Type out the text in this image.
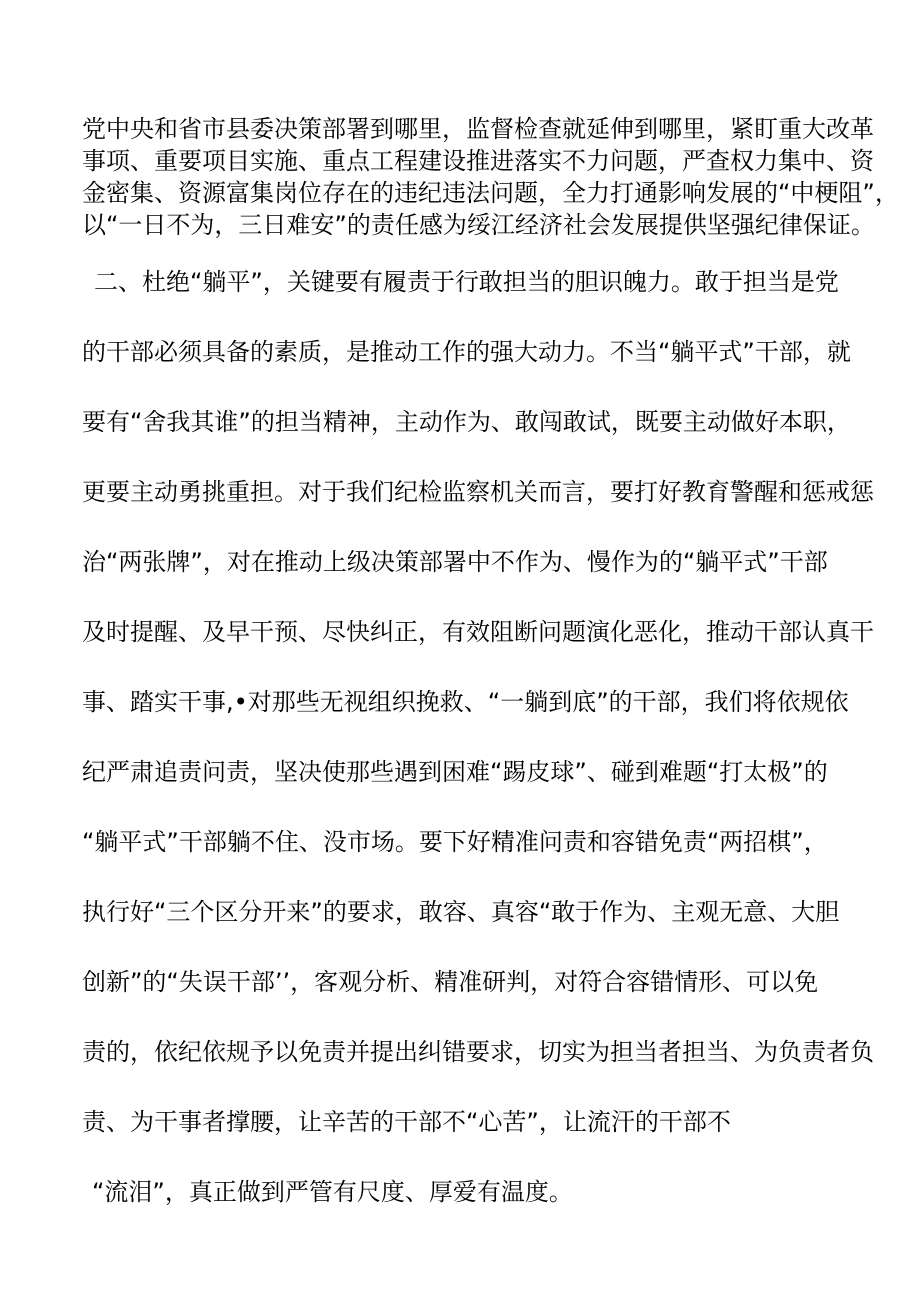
党中央和省市县委决策部署到哪里，监督检查就延伸到哪里，紧盯重大改革
事项、重要项目实施、重点工程建设推进落实不力问题，严查权力集中、资
金密集、资源富集岗位存在的违纪违法问题，全力打通影响发展的“中梗阻”，
以“一日不为，三日难安”的责任感为绥江经济社会发展提供坚强纪律保证。
二、杜绝“躺平”，关键要有履责于行敢担当的胆识魄力。敢于担当是党
的干部必须具备的素质，是推动工作的强大动力。不当“躺平式”干部，就
要有“舍我其谁”的担当精神，主动作为、敢闯敢试，既要主动做好本职，
更要主动勇挑重担。对于我们纪检监察机关而言，要打好教育警醒和惩戒惩
治“两张牌”，对在推动上级决策部署中不作为、慢作为的“躺平式”干部
及时提醒、及早干预、尽快纠正，有效阻断问题演化恶化，推动干部认真干
事、踏实干事,•对那些无视组织挽救、“一躺到底”的干部，我们将依规依
纪严肃追责问责，坚决使那些遇到困难“踢皮球”、碰到难题“打太极”的
“躺平式”干部躺不住、没市场。要下好精准问责和容错免责“两招棋”，
执行好“三个区分开来”的要求，敢容、真容“敢于作为、主观无意、大胆
创新”的“失误干部’’，客观分析、精准研判，对符合容错情形、可以免
责的，依纪依规予以免责并提出纠错要求，切实为担当者担当、为负责者负
责、为干事者撑腰，让辛苦的干部不“心苦”，让流汗的干部不
“流泪”，真正做到严管有尺度、厚爱有温度。
